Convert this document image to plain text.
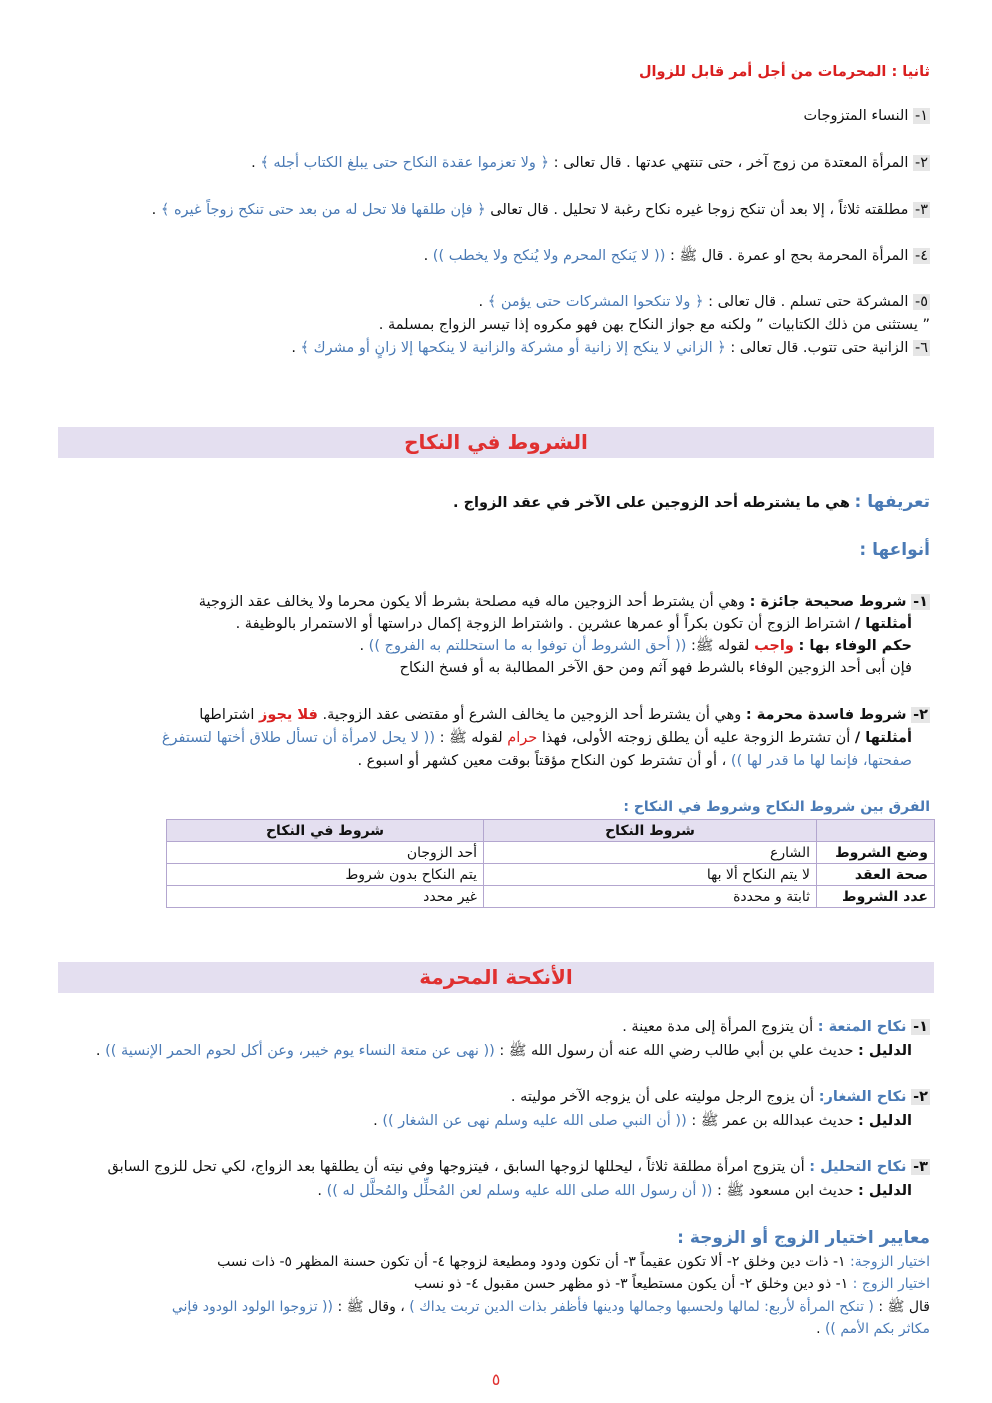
ثانيا : المحرمات من أجل أمر قابل للزوال
١- النساء المتزوجات
٢- المرأة المعتدة من زوج آخر ، حتى تنتهي عدتها . قال تعالى : ﴿ ولا تعزموا عقدة النكاح حتى يبلغ الكتاب أجله ﴾ .
٣- مطلقته ثلاثاً ، إلا بعد أن تنكح زوجا غيره نكاح رغبة لا تحليل . قال تعالى ﴿ فإن طلقها فلا تحل له من بعد حتى تنكح زوجاً غيره ﴾ .
٤- المرأة المحرمة بحج او عمرة . قال ﷺ : (( لا يَنكح المحرم ولا يُنكح ولا يخطب )) .
٥- المشركة حتى تسلم . قال تعالى : ﴿ ولا تنكحوا المشركات حتى يؤمن ﴾ .
” يستثنى من ذلك الكتابيات ” ولكنه مع جواز النكاح بهن فهو مكروه إذا تيسر الزواج بمسلمة .
٦- الزانية حتى تتوب. قال تعالى : ﴿ الزاني لا ينكح إلا زانية أو مشركة والزانية لا ينكحها إلا زانٍ أو مشرك ﴾ .
الشروط في النكاح
تعريفها : هي ما يشترطه أحد الزوجين على الآخر في عقد الزواج .
أنواعها :
١- شروط صحيحة جائزة : وهي أن يشترط أحد الزوجين ماله فيه مصلحة بشرط ألا يكون محرما ولا يخالف عقد الزوجية
أمثلتها / اشتراط الزوج أن تكون بكراً أو عمرها عشرين . واشتراط الزوجة إكمال دراستها أو الاستمرار بالوظيفة .
حكم الوفاء بها : واجب لقوله ﷺ: (( أحق الشروط أن توفوا به ما استحللتم به الفروج )) .
فإن أبى أحد الزوجين الوفاء بالشرط فهو آثم ومن حق الآخر المطالبة به أو فسخ النكاح
٢- شروط فاسدة محرمة : وهي أن يشترط أحد الزوجين ما يخالف الشرع أو مقتضى عقد الزوجية. فلا يجوز اشتراطها
أمثلتها / أن تشترط الزوجة عليه أن يطلق زوجته الأولى، فهذا حرام لقوله ﷺ : (( لا يحل لامرأة أن تسأل طلاق أختها لتستفرغ
صفحتها، فإنما لها ما قدر لها )) ، أو أن تشترط كون النكاح مؤقتاً بوقت معين كشهر أو اسبوع .
الفرق بين شروط النكاح وشروط في النكاح :
	شروط النكاح	شروط في النكاح
وضع الشروط	الشارع	أحد الزوجان
صحة العقد	لا يتم النكاح ألا بها	يتم النكاح بدون شروط
عدد الشروط	ثابتة و محددة	غير محدد
الأنكحة المحرمة
١- نكاح المتعة : أن يتزوج المرأة إلى مدة معينة .
الدليل : حديث علي بن أبي طالب رضي الله عنه أن رسول الله ﷺ : (( نهى عن متعة النساء يوم خيبر، وعن أكل لحوم الحمر الإنسية )) .
٢- نكاح الشغار: أن يزوج الرجل موليته على أن يزوجه الآخر موليته .
الدليل : حديث عبدالله بن عمر ﷺ : (( أن النبي صلى الله عليه وسلم نهى عن الشغار )) .
٣- نكاح التحليل : أن يتزوج امرأة مطلقة ثلاثاً ، ليحللها لزوجها السابق ، فيتزوجها وفي نيته أن يطلقها بعد الزواج، لكي تحل للزوج السابق
الدليل : حديث ابن مسعود ﷺ : (( أن رسول الله صلى الله عليه وسلم لعن المُحلِّل والمُحلَّل له )) .
معايير اختيار الزوج أو الزوجة :
اختيار الزوجة: ١- ذات دين وخلق ٢- ألا تكون عقيماً ٣- أن تكون ودود ومطيعة لزوجها ٤- أن تكون حسنة المظهر ٥- ذات نسب
اختيار الزوج : ١- ذو دين وخلق ٢- أن يكون مستطيعاً ٣- ذو مظهر حسن مقبول ٤- ذو نسب
قال ﷺ : ( تنكح المرأة لأربع: لمالها ولحسبها وجمالها ودينها فأظفر بذات الدين تربت يداك ) ، وقال ﷺ : (( تزوجوا الولود الودود فإني
مكاثر بكم الأمم )) .
٥
